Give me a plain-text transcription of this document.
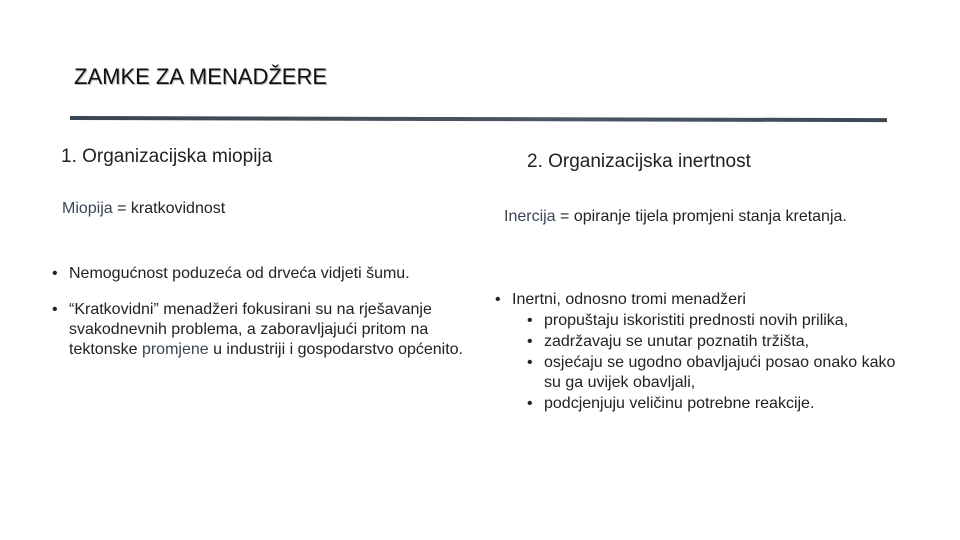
ZAMKE ZA MENADŽERE
1. Organizacijska miopija
Miopija = kratkovidnost
• Nemogućnost poduzeća od drveća vidjeti šumu.
• “Kratkovidni” menadžeri fokusirani su na rješavanje svakodnevnih problema, a zaboravljajući pritom na tektonske promjene u industriji i gospodarstvo općenito.
2. Organizacijska inertnost
Inercija = opiranje tijela promjeni stanja kretanja.
• Inertni, odnosno tromi menadžeri
• propuštaju iskoristiti prednosti novih prilika,
• zadržavaju se unutar poznatih tržišta,
• osjećaju se ugodno obavljajući posao onako kako su ga uvijek obavljali,
• podcjenjuju veličinu potrebne reakcije.
